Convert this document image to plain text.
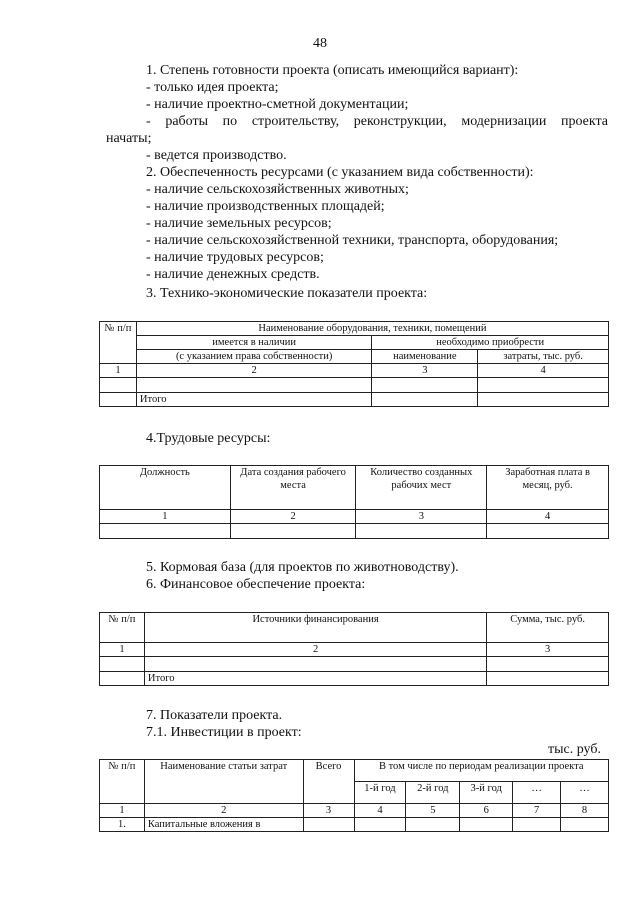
48
1. Степень готовности проекта (описать имеющийся вариант):
- только идея проекта;
- наличие проектно-сметной документации;
- работы по строительству, реконструкции, модернизации проекта
начаты;
- ведется производство.
2. Обеспеченность ресурсами (с указанием вида собственности):
- наличие сельскохозяйственных животных;
- наличие производственных площадей;
- наличие земельных ресурсов;
- наличие сельскохозяйственной техники, транспорта, оборудования;
- наличие трудовых ресурсов;
- наличие денежных средств.
3. Технико-экономические показатели проекта:
№ п/п	Наименование оборудования, техники, помещений		
	имеется в наличии	необходимо приобрести	
	(с указанием права собственности)	наименование	затраты, тыс. руб.
1	2	3	4

	Итого		
4.Трудовые ресурсы:
Должность	Дата создания рабочего места	Количество созданных рабочих мест	Заработная плата в месяц, руб.
1	2	3	4

5. Кормовая база (для проектов по животноводству).
6. Финансовое обеспечение проекта:
№ п/п	Источники финансирования	Сумма, тыс. руб.
1	2	3

	Итого	
7. Показатели проекта.
7.1. Инвестиции в проект:
тыс. руб.
№ п/п	Наименование статьи затрат	Всего	В том числе по периодам реализации проекта				
			1-й год	2-й год	3-й год	…	…
1	2	3	4	5	6	7	8
1.	Капитальные вложения в						
